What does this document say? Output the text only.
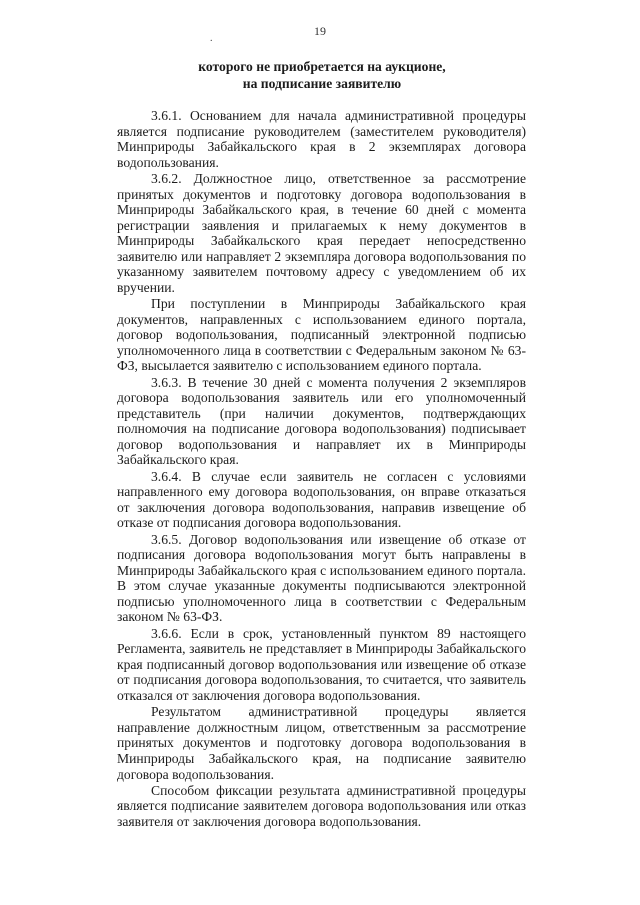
19
.
которого не приобретается на аукционе,
на подписание заявителю

3.6.1. Основанием для начала административной процедуры является подписание руководителем (заместителем руководителя) Минприроды Забайкальского края в 2 экземплярах договора водопользования.

3.6.2. Должностное лицо, ответственное за рассмотрение принятых документов и подготовку договора водопользования в Минприроды Забайкальского края, в течение 60 дней с момента регистрации заявления и прилагаемых к нему документов в Минприроды Забайкальского края передает непосредственно заявителю или направляет 2 экземпляра договора водопользования по указанному заявителем почтовому адресу с уведомлением об их вручении.

При поступлении в Минприроды Забайкальского края документов, направленных с использованием единого портала, договор водопользования, подписанный электронной подписью уполномоченного лица в соответствии с Федеральным законом № 63-ФЗ, высылается заявителю с использованием единого портала.

3.6.3. В течение 30 дней с момента получения 2 экземпляров договора водопользования заявитель или его уполномоченный представитель (при наличии документов, подтверждающих полномочия на подписание договора водопользования) подписывает договор водопользования и направляет их в Минприроды Забайкальского края.

3.6.4. В случае если заявитель не согласен с условиями направленного ему договора водопользования, он вправе отказаться от заключения договора водопользования, направив извещение об отказе от подписания договора водопользования.

3.6.5. Договор водопользования или извещение об отказе от подписания договора водопользования могут быть направлены в Минприроды Забайкальского края с использованием единого портала. В этом случае указанные документы подписываются электронной подписью уполномоченного лица в соответствии с Федеральным законом № 63-ФЗ.

3.6.6. Если в срок, установленный пунктом 89 настоящего Регламента, заявитель не представляет в Минприроды Забайкальского края подписанный договор водопользования или извещение об отказе от подписания договора водопользования, то считается, что заявитель отказался от заключения договора водопользования.

Результатом административной процедуры является направление должностным лицом, ответственным за рассмотрение принятых документов и подготовку договора водопользования в Минприроды Забайкальского края, на подписание заявителю договора водопользования.

Способом фиксации результата административной процедуры является подписание заявителем договора водопользования или отказ заявителя от заключения договора водопользования.
